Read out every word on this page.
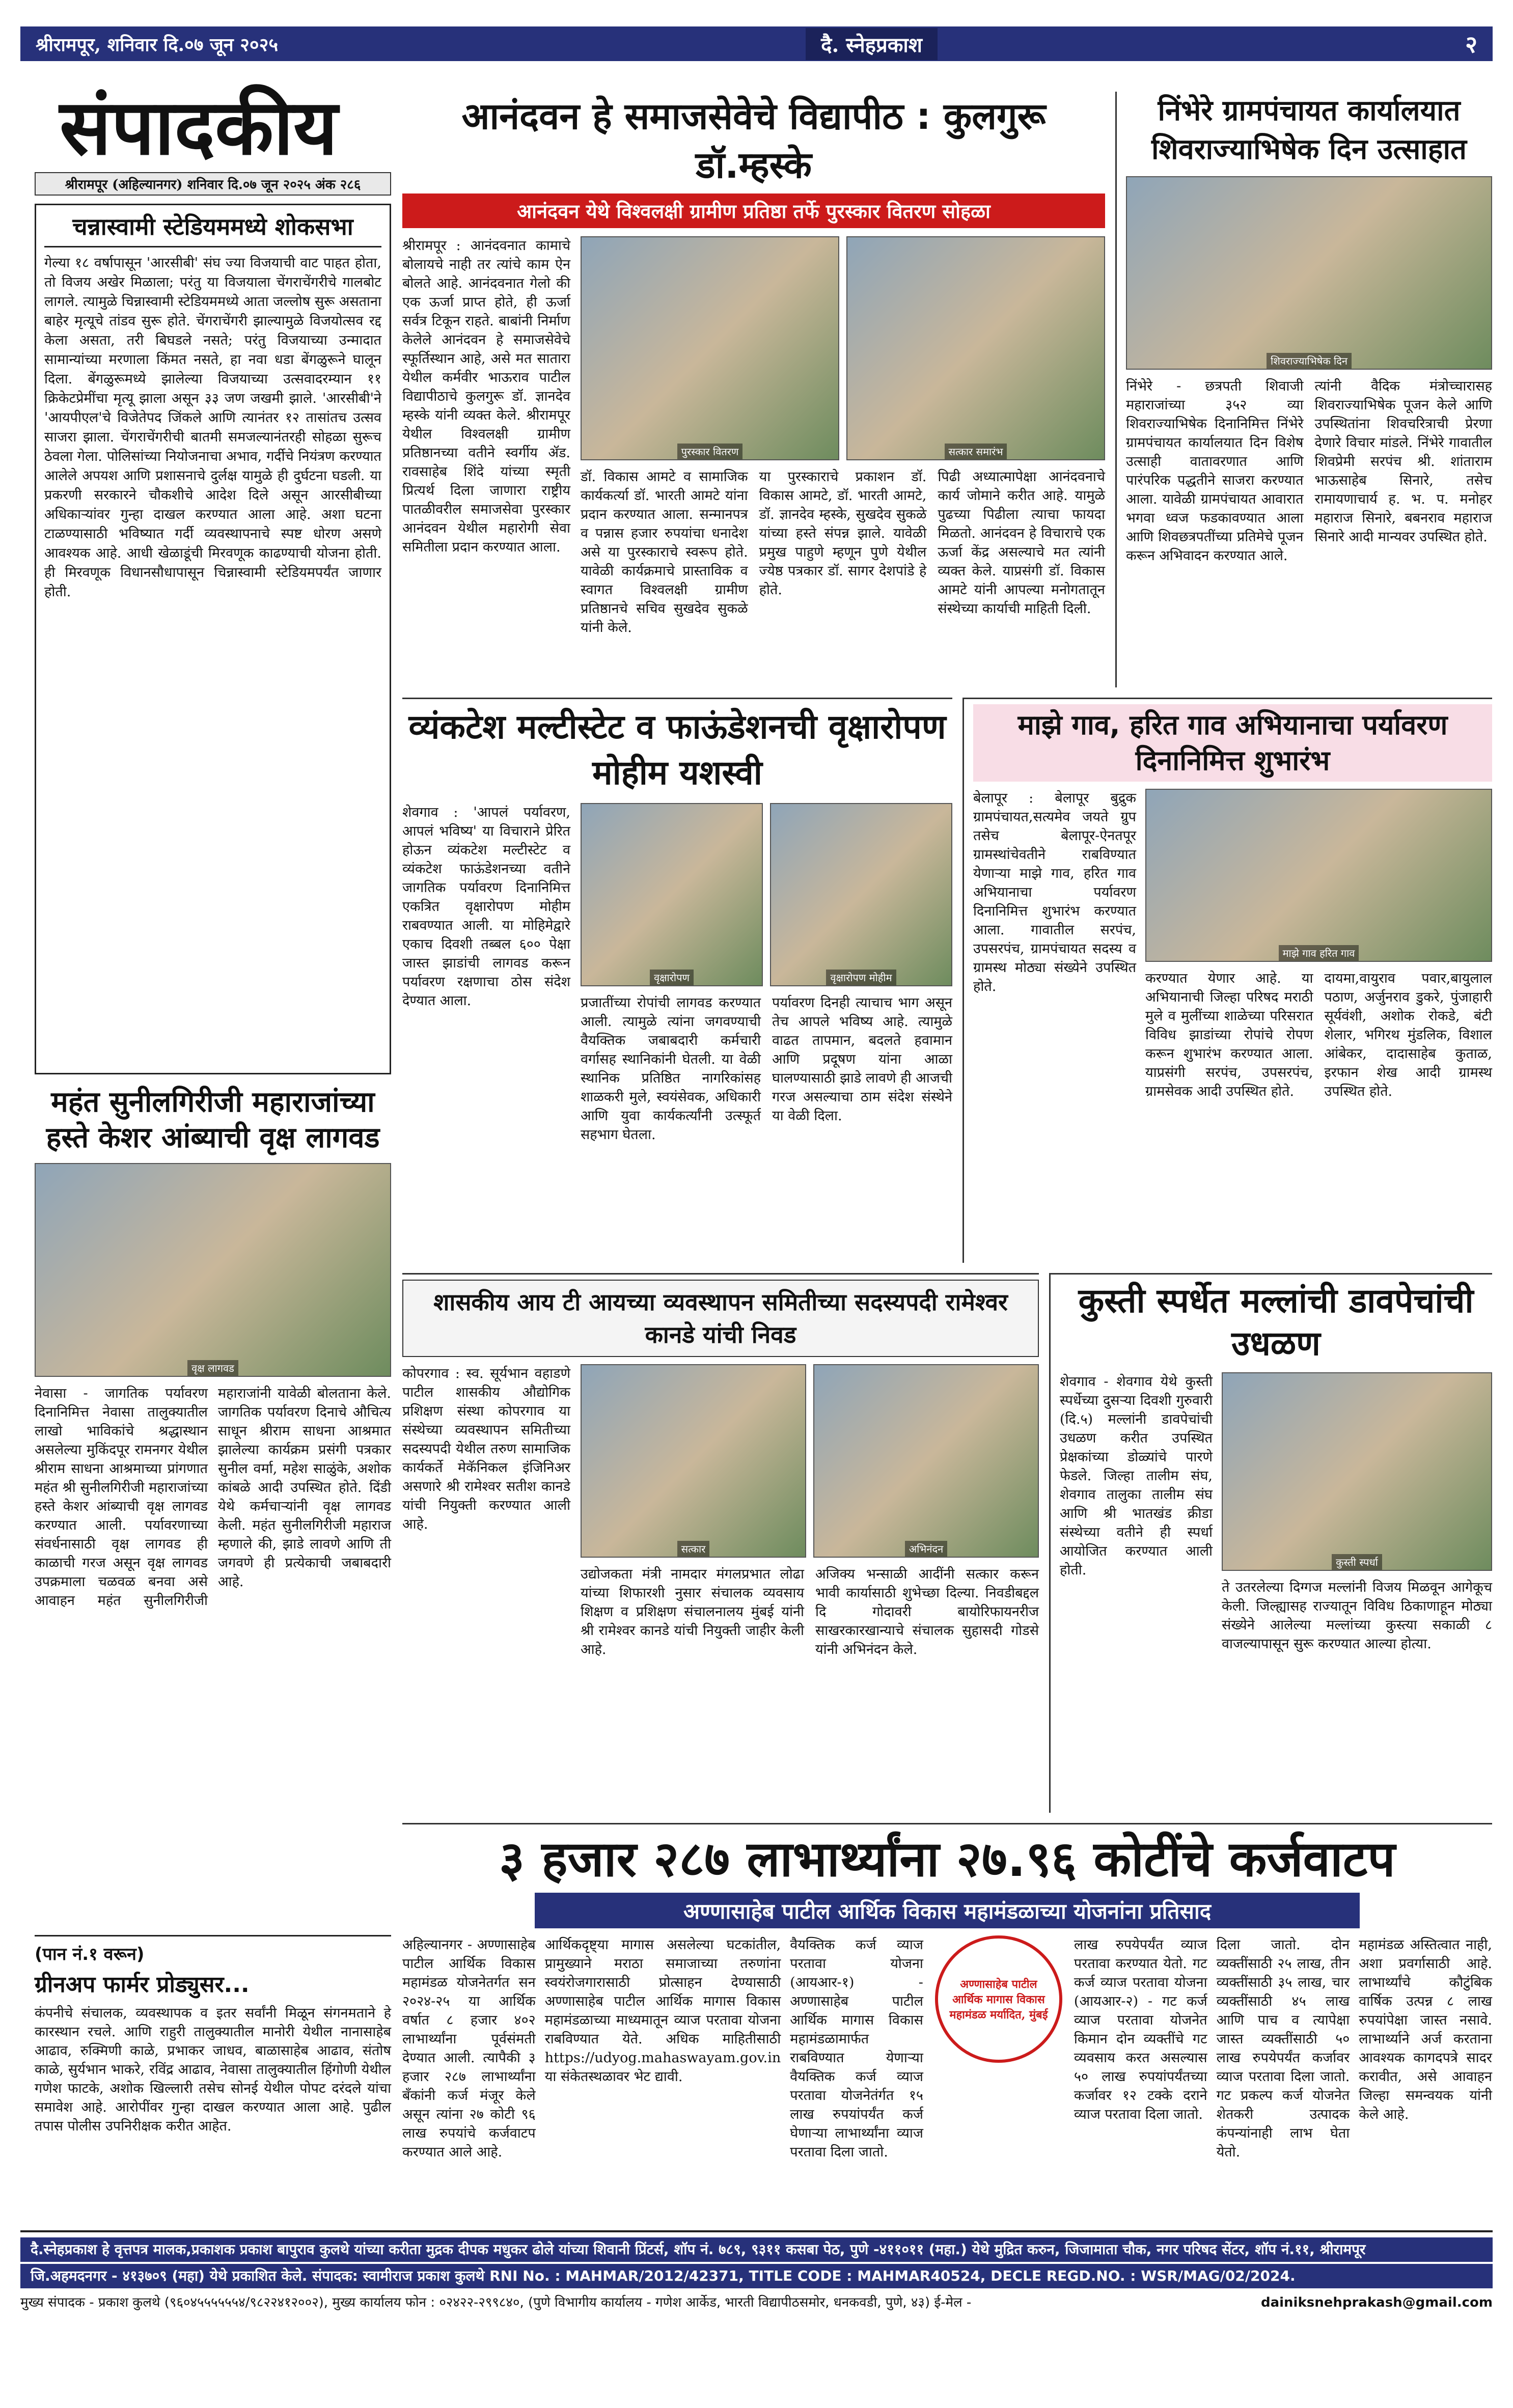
श्रीरामपूर, शनिवार दि.०७ जून २०२५	दै. स्नेहप्रकाश	२
संपादकीय
श्रीरामपूर (अहिल्यानगर) शनिवार दि.०७ जून २०२५ अंक २८६
चन्नास्वामी स्टेडियममध्ये शोकसभा
गेल्या १८ वर्षापासून 'आरसीबी' संघ ज्या विजयाची वाट पाहत होता, तो विजय अखेर मिळाला; परंतु या विजयाला चेंगराचेंगरीचे गालबोट लागले. त्यामुळे चिन्नास्वामी स्टेडियममध्ये आता जल्लोष सुरू असताना बाहेर मृत्यूचे तांडव सुरू होते. चेंगराचेंगरी झाल्यामुळे विजयोत्सव रद्द केला असता, तरी बिघडले नसते; परंतु विजयाच्या उन्मादात सामान्यांच्या मरणाला किंमत नसते, हा नवा धडा बेंगळुरूने घालून दिला. बेंगळुरूमध्ये झालेल्या विजयाच्या उत्सवादरम्यान ११ क्रिकेटप्रेमींचा मृत्यू झाला असून ३३ जण जखमी झाले. 'आरसीबी'ने 'आयपीएल'चे विजेतेपद जिंकले आणि त्यानंतर १२ तासांतच उत्सव साजरा झाला. चेंगराचेंगरीची बातमी समजल्यानंतरही सोहळा सुरूच ठेवला गेला. पोलिसांच्या नियोजनाचा अभाव, गर्दीचे नियंत्रण करण्यात आलेले अपयश आणि प्रशासनाचे दुर्लक्ष यामुळे ही दुर्घटना घडली. या प्रकरणी सरकारने चौकशीचे आदेश दिले असून आरसीबीच्या अधिकाऱ्यांवर गुन्हा दाखल करण्यात आला आहे. अशा घटना टाळण्यासाठी भविष्यात गर्दी व्यवस्थापनाचे स्पष्ट धोरण असणे आवश्यक आहे. आधी खेळाडूंची मिरवणूक काढण्याची योजना होती. ही मिरवणूक विधानसौधापासून चिन्नास्वामी स्टेडियमपर्यंत जाणार होती.
महंत सुनीलगिरीजी महाराजांच्या हस्ते केशर आंब्याची वृक्ष लागवड
वृक्ष लागवड
नेवासा - जागतिक पर्यावरण दिनानिमित्त नेवासा तालुक्यातील लाखो भाविकांचे श्रद्धास्थान असलेल्या मुकिंदपूर रामनगर येथील श्रीराम साधना आश्रमाच्या प्रांगणात महंत श्री सुनीलगिरीजी महाराजांच्या हस्ते केशर आंब्याची वृक्ष लागवड करण्यात आली. पर्यावरणाच्या संवर्धनासाठी वृक्ष लागवड ही काळाची गरज असून वृक्ष लागवड उपक्रमाला चळवळ बनवा असे आवाहन महंत सुनीलगिरीजी महाराजांनी यावेळी बोलताना केले. जागतिक पर्यावरण दिनाचे औचित्य साधून श्रीराम साधना आश्रमात झालेल्या कार्यक्रम प्रसंगी पत्रकार सुनील वर्मा, महेश साळुंके, अशोक कांबळे आदी उपस्थित होते. दिंडी येथे कर्मचाऱ्यांनी वृक्ष लागवड केली. महंत सुनीलगिरीजी महाराज म्हणाले की, झाडे लावणे आणि ती जगवणे ही प्रत्येकाची जबाबदारी आहे.
(पान नं.१ वरून)
ग्रीनअप फार्मर प्रोड्युसर...
कंपनीचे संचालक, व्यवस्थापक व इतर सर्वांनी मिळून संगनमताने हे कारस्थान रचले. आणि राहुरी तालुक्यातील मानोरी येथील नानासाहेब आढाव, रुक्मिणी काळे, प्रभाकर जाधव, बाळासाहेब आढाव, संतोष काळे, सुर्यभान भाकरे, रविंद्र आढाव, नेवासा तालुक्यातील हिंगोणी येथील गणेश फाटके, अशोक खिल्लारी तसेच सोनई येथील पोपट दरंदले यांचा समावेश आहे. आरोपींवर गुन्हा दाखल करण्यात आला आहे. पुढील तपास पोलीस उपनिरीक्षक करीत आहेत.
आनंदवन हे समाजसेवेचे विद्यापीठ : कुलगुरू डॉ.म्हस्के
आनंदवन येथे विश्वलक्षी ग्रामीण प्रतिष्ठा तर्फे पुरस्कार वितरण सोहळा
श्रीरामपूर : आनंदवनात कामाचे बोलायचे नाही तर त्यांचे काम ऐन बोलते आहे. आनंदवनात गेलो की एक ऊर्जा प्राप्त होते, ही ऊर्जा सर्वत्र टिकून राहते. बाबांनी निर्माण केलेले आनंदवन हे समाजसेवेचे स्फूर्तिस्थान आहे, असे मत सातारा येथील कर्मवीर भाऊराव पाटील विद्यापीठाचे कुलगुरू डॉ. ज्ञानदेव म्हस्के यांनी व्यक्त केले. श्रीरामपूर येथील विश्वलक्षी ग्रामीण प्रतिष्ठानच्या वतीने स्वर्गीय ॲड. रावसाहेब शिंदे यांच्या स्मृती प्रित्यर्थ दिला जाणारा राष्ट्रीय पातळीवरील समाजसेवा पुरस्कार आनंदवन येथील महारोगी सेवा समितीला प्रदान करण्यात आला.
पुरस्कार वितरण	सत्कार समारंभ
डॉ. विकास आमटे व सामाजिक कार्यकर्त्या डॉ. भारती आमटे यांना प्रदान करण्यात आला. सन्मानपत्र व पन्नास हजार रुपयांचा धनादेश असे या पुरस्काराचे स्वरूप होते. यावेळी कार्यक्रमाचे प्रास्ताविक व स्वागत विश्वलक्षी ग्रामीण प्रतिष्ठानचे सचिव सुखदेव सुकळे यांनी केले.
या पुरस्काराचे प्रकाशन डॉ. विकास आमटे, डॉ. भारती आमटे, डॉ. ज्ञानदेव म्हस्के, सुखदेव सुकळे यांच्या हस्ते संपन्न झाले. यावेळी प्रमुख पाहुणे म्हणून पुणे येथील ज्येष्ठ पत्रकार डॉ. सागर देशपांडे हे होते.
पिढी अध्यात्मापेक्षा आनंदवनाचे कार्य जोमाने करीत आहे. यामुळे पुढच्या पिढीला त्याचा फायदा मिळतो. आनंदवन हे विचाराचे एक ऊर्जा केंद्र असल्याचे मत त्यांनी व्यक्त केले. याप्रसंगी डॉ. विकास आमटे यांनी आपल्या मनोगतातून संस्थेच्या कार्याची माहिती दिली.
निंभेरे ग्रामपंचायत कार्यालयात शिवराज्याभिषेक दिन उत्साहात
शिवराज्याभिषेक दिन
निंभेरे - छत्रपती शिवाजी महाराजांच्या ३५२ व्या शिवराज्याभिषेक दिनानिमित्त निंभेरे ग्रामपंचायत कार्यालयात दिन विशेष उत्साही वातावरणात आणि पारंपरिक पद्धतीने साजरा करण्यात आला. यावेळी ग्रामपंचायत आवारात भगवा ध्वज फडकावण्यात आला आणि शिवछत्रपतींच्या प्रतिमेचे पूजन करून अभिवादन करण्यात आले.
त्यांनी वैदिक मंत्रोच्चारासह शिवराज्याभिषेक पूजन केले आणि उपस्थितांना शिवचरित्राची प्रेरणा देणारे विचार मांडले. निंभेरे गावातील शिवप्रेमी सरपंच श्री. शांताराम भाऊसाहेब सिनारे, तसेच रामायणाचार्य ह. भ. प. मनोहर महाराज सिनारे, बबनराव महाराज सिनारे आदी मान्यवर उपस्थित होते.
व्यंकटेश मल्टीस्टेट व फाऊंडेशनची वृक्षारोपण मोहीम यशस्वी
शेवगाव : 'आपलं पर्यावरण, आपलं भविष्य' या विचाराने प्रेरित होऊन व्यंकटेश मल्टीस्टेट व व्यंकटेश फाऊंडेशनच्या वतीने जागतिक पर्यावरण दिनानिमित्त एकत्रित वृक्षारोपण मोहीम राबवण्यात आली. या मोहिमेद्वारे एकाच दिवशी तब्बल ६०० पेक्षा जास्त झाडांची लागवड करून पर्यावरण रक्षणाचा ठोस संदेश देण्यात आला.
वृक्षारोपण	वृक्षारोपण मोहीम
प्रजातींच्या रोपांची लागवड करण्यात आली. त्यामुळे त्यांना जगवण्याची वैयक्तिक जबाबदारी कर्मचारी वर्गासह स्थानिकांनी घेतली. या वेळी स्थानिक प्रतिष्ठित नागरिकांसह शाळकरी मुले, स्वयंसेवक, अधिकारी आणि युवा कार्यकर्त्यांनी उत्स्फूर्त सहभाग घेतला.
पर्यावरण दिनही त्याचाच भाग असून तेच आपले भविष्य आहे. त्यामुळे वाढत तापमान, बदलते हवामान आणि प्रदूषण यांना आळा घालण्यासाठी झाडे लावणे ही आजची गरज असल्याचा ठाम संदेश संस्थेने या वेळी दिला.
माझे गाव, हरित गाव अभियानाचा पर्यावरण दिनानिमित्त शुभारंभ
बेलापूर : बेलापूर बुद्रुक ग्रामपंचायत,सत्यमेव जयते ग्रुप तसेच बेलापूर-ऐनतपूर ग्रामस्थांचेवतीने राबविण्यात येणाऱ्या माझे गाव, हरित गाव अभियानाचा पर्यावरण दिनानिमित्त शुभारंभ करण्यात आला. गावातील सरपंच, उपसरपंच, ग्रामपंचायत सदस्य व ग्रामस्थ मोठ्या संख्येने उपस्थित होते.
माझे गाव हरित गाव
करण्यात येणार आहे. या अभियानाची जिल्हा परिषद मराठी मुले व मुलींच्या शाळेच्या परिसरात विविध झाडांच्या रोपांचे रोपण करून शुभारंभ करण्यात आला. याप्रसंगी सरपंच, उपसरपंच, ग्रामसेवक आदी उपस्थित होते.
दायमा,वायुराव पवार,बायुलाल पठाण, अर्जुनराव डुकरे, पुंजाहारी सूर्यवंशी, अशोक रोकडे, बंटी शेलार, भगिरथ मुंडलिक, विशाल आंबेकर, दादासाहेब कुताळ, इरफान शेख आदी ग्रामस्थ उपस्थित होते.
शासकीय आय टी आयच्या व्यवस्थापन समितीच्या सदस्यपदी रामेश्वर कानडे यांची निवड
कोपरगाव : स्व. सूर्यभान वहाडणे पाटील शासकीय औद्योगिक प्रशिक्षण संस्था कोपरगाव या संस्थेच्या व्यवस्थापन समितीच्या सदस्यपदी येथील तरुण सामाजिक कार्यकर्ते मेकॅनिकल इंजिनिअर असणारे श्री रामेश्वर सतीश कानडे यांची नियुक्ती करण्यात आली आहे.
सत्कार	अभिनंदन
उद्योजकता मंत्री नामदार मंगलप्रभात लोढा यांच्या शिफारशी नुसार संचालक व्यवसाय शिक्षण व प्रशिक्षण संचालनालय मुंबई यांनी श्री रामेश्वर कानडे यांची नियुक्ती जाहीर केली आहे.
अजिक्य भन्साळी आदींनी सत्कार करून भावी कार्यासाठी शुभेच्छा दिल्या. निवडीबद्दल दि गोदावरी बायोरिफायनरीज साखरकारखान्याचे संचालक सुहासदी गोडसे यांनी अभिनंदन केले.
कुस्ती स्पर्धेत मल्लांची डावपेचांची उधळण
शेवगाव - शेवगाव येथे कुस्ती स्पर्धेच्या दुसऱ्या दिवशी गुरुवारी (दि.५) मल्लांनी डावपेचांची उधळण करीत उपस्थित प्रेक्षकांच्या डोळ्यांचे पारणे फेडले. जिल्हा तालीम संघ, शेवगाव तालुका तालीम संघ आणि श्री भातखंड क्रीडा संस्थेच्या वतीने ही स्पर्धा आयोजित करण्यात आली होती.	कुस्ती स्पर्धा
ते उतरलेल्या दिग्गज मल्लांनी विजय मिळवून आगेकूच केली. जिल्ह्यासह राज्यातून विविध ठिकाणाहून मोठ्या संख्येने आलेल्या मल्लांच्या कुस्त्या सकाळी ८ वाजल्यापासून सुरू करण्यात आल्या होत्या.
३ हजार २८७ लाभार्थ्यांना २७.९६ कोटींचे कर्जवाटप
अण्णासाहेब पाटील आर्थिक विकास महामंडळाच्या योजनांना प्रतिसाद
अहिल्यानगर - अण्णासाहेब पाटील आर्थिक विकास महामंडळ योजनेतर्गत सन २०२४-२५ या आर्थिक वर्षात ८ हजार ४०२ लाभार्थ्यांना पूर्वसंमती देण्यात आली. त्यापैकी ३ हजार २८७ लाभार्थ्यांना बँकांनी कर्ज मंजूर केले असून त्यांना २७ कोटी ९६ लाख रुपयांचे कर्जवाटप करण्यात आले आहे.
आर्थिकदृष्ट्या मागास असलेल्या घटकांतील, प्रामुख्याने मराठा समाजाच्या तरुणांना स्वयंरोजगारासाठी प्रोत्साहन देण्यासाठी अण्णासाहेब पाटील आर्थिक मागास विकास महामंडळाच्या माध्यमातून व्याज परतावा योजना राबविण्यात येते. अधिक माहितीसाठी https://udyog.mahaswayam.gov.in या संकेतस्थळावर भेट द्यावी.
वैयक्तिक कर्ज व्याज परतावा योजना (आयआर-१) - अण्णासाहेब पाटील आर्थिक मागास विकास महामंडळामार्फत राबविण्यात येणाऱ्या वैयक्तिक कर्ज व्याज परतावा योजनेतंर्गत १५ लाख रुपयांपर्यंत कर्ज घेणाऱ्या लाभार्थ्यांना व्याज परतावा दिला जातो.
अण्णासाहेब पाटील आर्थिक मागास विकास महामंडळ मर्यादित, मुंबई
लाख रुपयेपर्यंत व्याज परतावा करण्यात येतो. गट कर्ज व्याज परतावा योजना (आयआर-२) - गट कर्ज व्याज परतावा योजनेत किमान दोन व्यक्तींचे गट व्यवसाय करत असल्यास ५० लाख रुपयांपर्यंतच्या कर्जावर १२ टक्के दराने व्याज परतावा दिला जातो.
दिला जातो. दोन व्यक्तींसाठी २५ लाख, तीन व्यक्तींसाठी ३५ लाख, चार व्यक्तींसाठी ४५ लाख आणि पाच व त्यापेक्षा जास्त व्यक्तींसाठी ५० लाख रुपयेपर्यंत कर्जावर व्याज परतावा दिला जातो. गट प्रकल्प कर्ज योजनेत शेतकरी उत्पादक कंपन्यांनाही लाभ घेता येतो.
महामंडळ अस्तित्वात नाही, अशा प्रवर्गासाठी आहे. लाभार्थ्यांचे कौटुंबिक वार्षिक उत्पन्न ८ लाख रुपयांपेक्षा जास्त नसावे. लाभार्थ्याने अर्ज करताना आवश्यक कागदपत्रे सादर करावीत, असे आवाहन जिल्हा समन्वयक यांनी केले आहे.
दै.स्नेहप्रकाश हे वृत्तपत्र मालक,प्रकाशक प्रकाश बापुराव कुलथे यांच्या करीता मुद्रक दीपक मधुकर ढोले यांच्या शिवानी प्रिंटर्स, शॉप नं. ७८९, ९३११ कसबा पेठ, पुणे -४११०११ (महा.) येथे मुद्रित करुन, जिजामाता चौक, नगर परिषद सेंटर, शॉप नं.११, श्रीरामपूर
जि.अहमदनगर - ४१३७०९ (महा) येथे प्रकाशित केले. संपादक: स्वामीराज प्रकाश कुलथे RNI No. : MAHMAR/2012/42371, TITLE CODE : MAHMAR40524, DECLE REGD.NO. : WSR/MAG/02/2024.
मुख्य संपादक - प्रकाश कुलथे (९६०४५५५५५५४/९८२२४१२००२), मुख्य कार्यालय फोन : ०२४२२-२९९८४०, (पुणे विभागीय कार्यालय - गणेश आर्केड, भारती विद्यापीठसमोर, धनकवडी, पुणे, ४३) ई-मेल -	dainiksnehprakash@gmail.com
